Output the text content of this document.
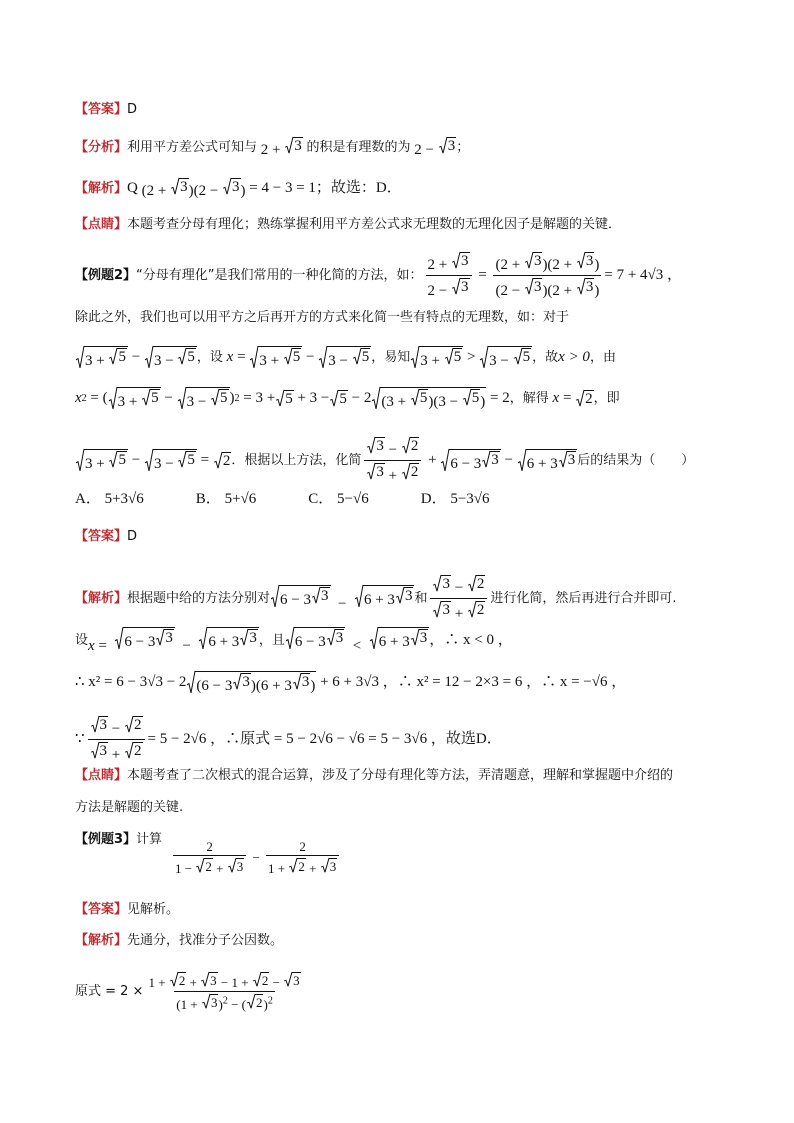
【答案】 D
【分析】 利用平方差公式可知与 2 + 3
的积是有理数的为 2 − 3 ；
【解析】 Q (2 + 3 )(2 − 3 ) = 4 − 3 = 1；故选：D．
【点睛】 本题考查分母有理化；熟练掌握利用平方差公式求无理数的无理化因子是解题的关键．
【例题2】 “分母有理化”是我们常用的一种化简的方法，如： $\frac{2 + 3}{2 - 3} = \frac{(2 + 3 )(2 + 3 )}{(2 - 3 )(2 + 3 )} = 7 + 4√3$ ，
除此之外，我们也可以用平方之后再开方的方式来化简一些有特点的无理数，如：对于
3 + 5 − 3 − 5 ，设 x = 3 + 5 − 3 − 5 ，易知 3 + 5 > 3 − 5 ，故 x > 0 ，由
x 2 = ( 3 + 5 − 3 − 5 ) 2 = 3 + 5 + 3 − 5 − 2 (3 + 5 )(3 − 5 ) = 2 ，解得 x = 2 ，即
3 + 5 − 3 − 5 = 2 ．根据以上方法，化简 $\frac{3 - 2}{3 + 2} + 6 - 3$ 3 − 6 + 3 3 后的结果为（　　）
A．
5+3√6	B．
5+√6	C．
5−√6	D．
5−3√6
【答案】 D
【解析】 根据题中给的方法分别对 6 − 3 3 − 6 + 3 3 和 $\frac{3 - 2}{3 + 2}$ 进行化简，然后再进行合并即可.
设 x = 6 − 3 3 − 6 + 3 3 ，且 6 − 3 3 < 6 + 3 3 ，∴ x < 0 ，
∴ x² = 6 − 3√3 − 2 (6 − 3 3 )(6 + 3 3 )
+ 6 + 3√3 ，∴ x² = 12 − 2×3 = 6 ，∴ x = −√6 ，
∵ $\frac{3 - 2}{3 + 2} = 5 - 2√6$ ，∴原式 = 5 − 2√6 − √6 = 5 − 3√6 ，故选D．
【点睛】 本题考查了二次根式的混合运算，涉及了分母有理化等方法，弄清题意，理解和掌握题中介绍的
方法是解题的关键.
【例题3】 计算
$\frac{2}{1 - 2 + 3} - \frac{2}{1 + 2 + 3}$
【答案】 见解析。
【解析】 先通分，找准分子公因数。
原式 = $2 \times \frac{1 + 2 + 3 - 1 + 2 - 3}{(1 + 3 )^2 - ( 2 )^2}$
